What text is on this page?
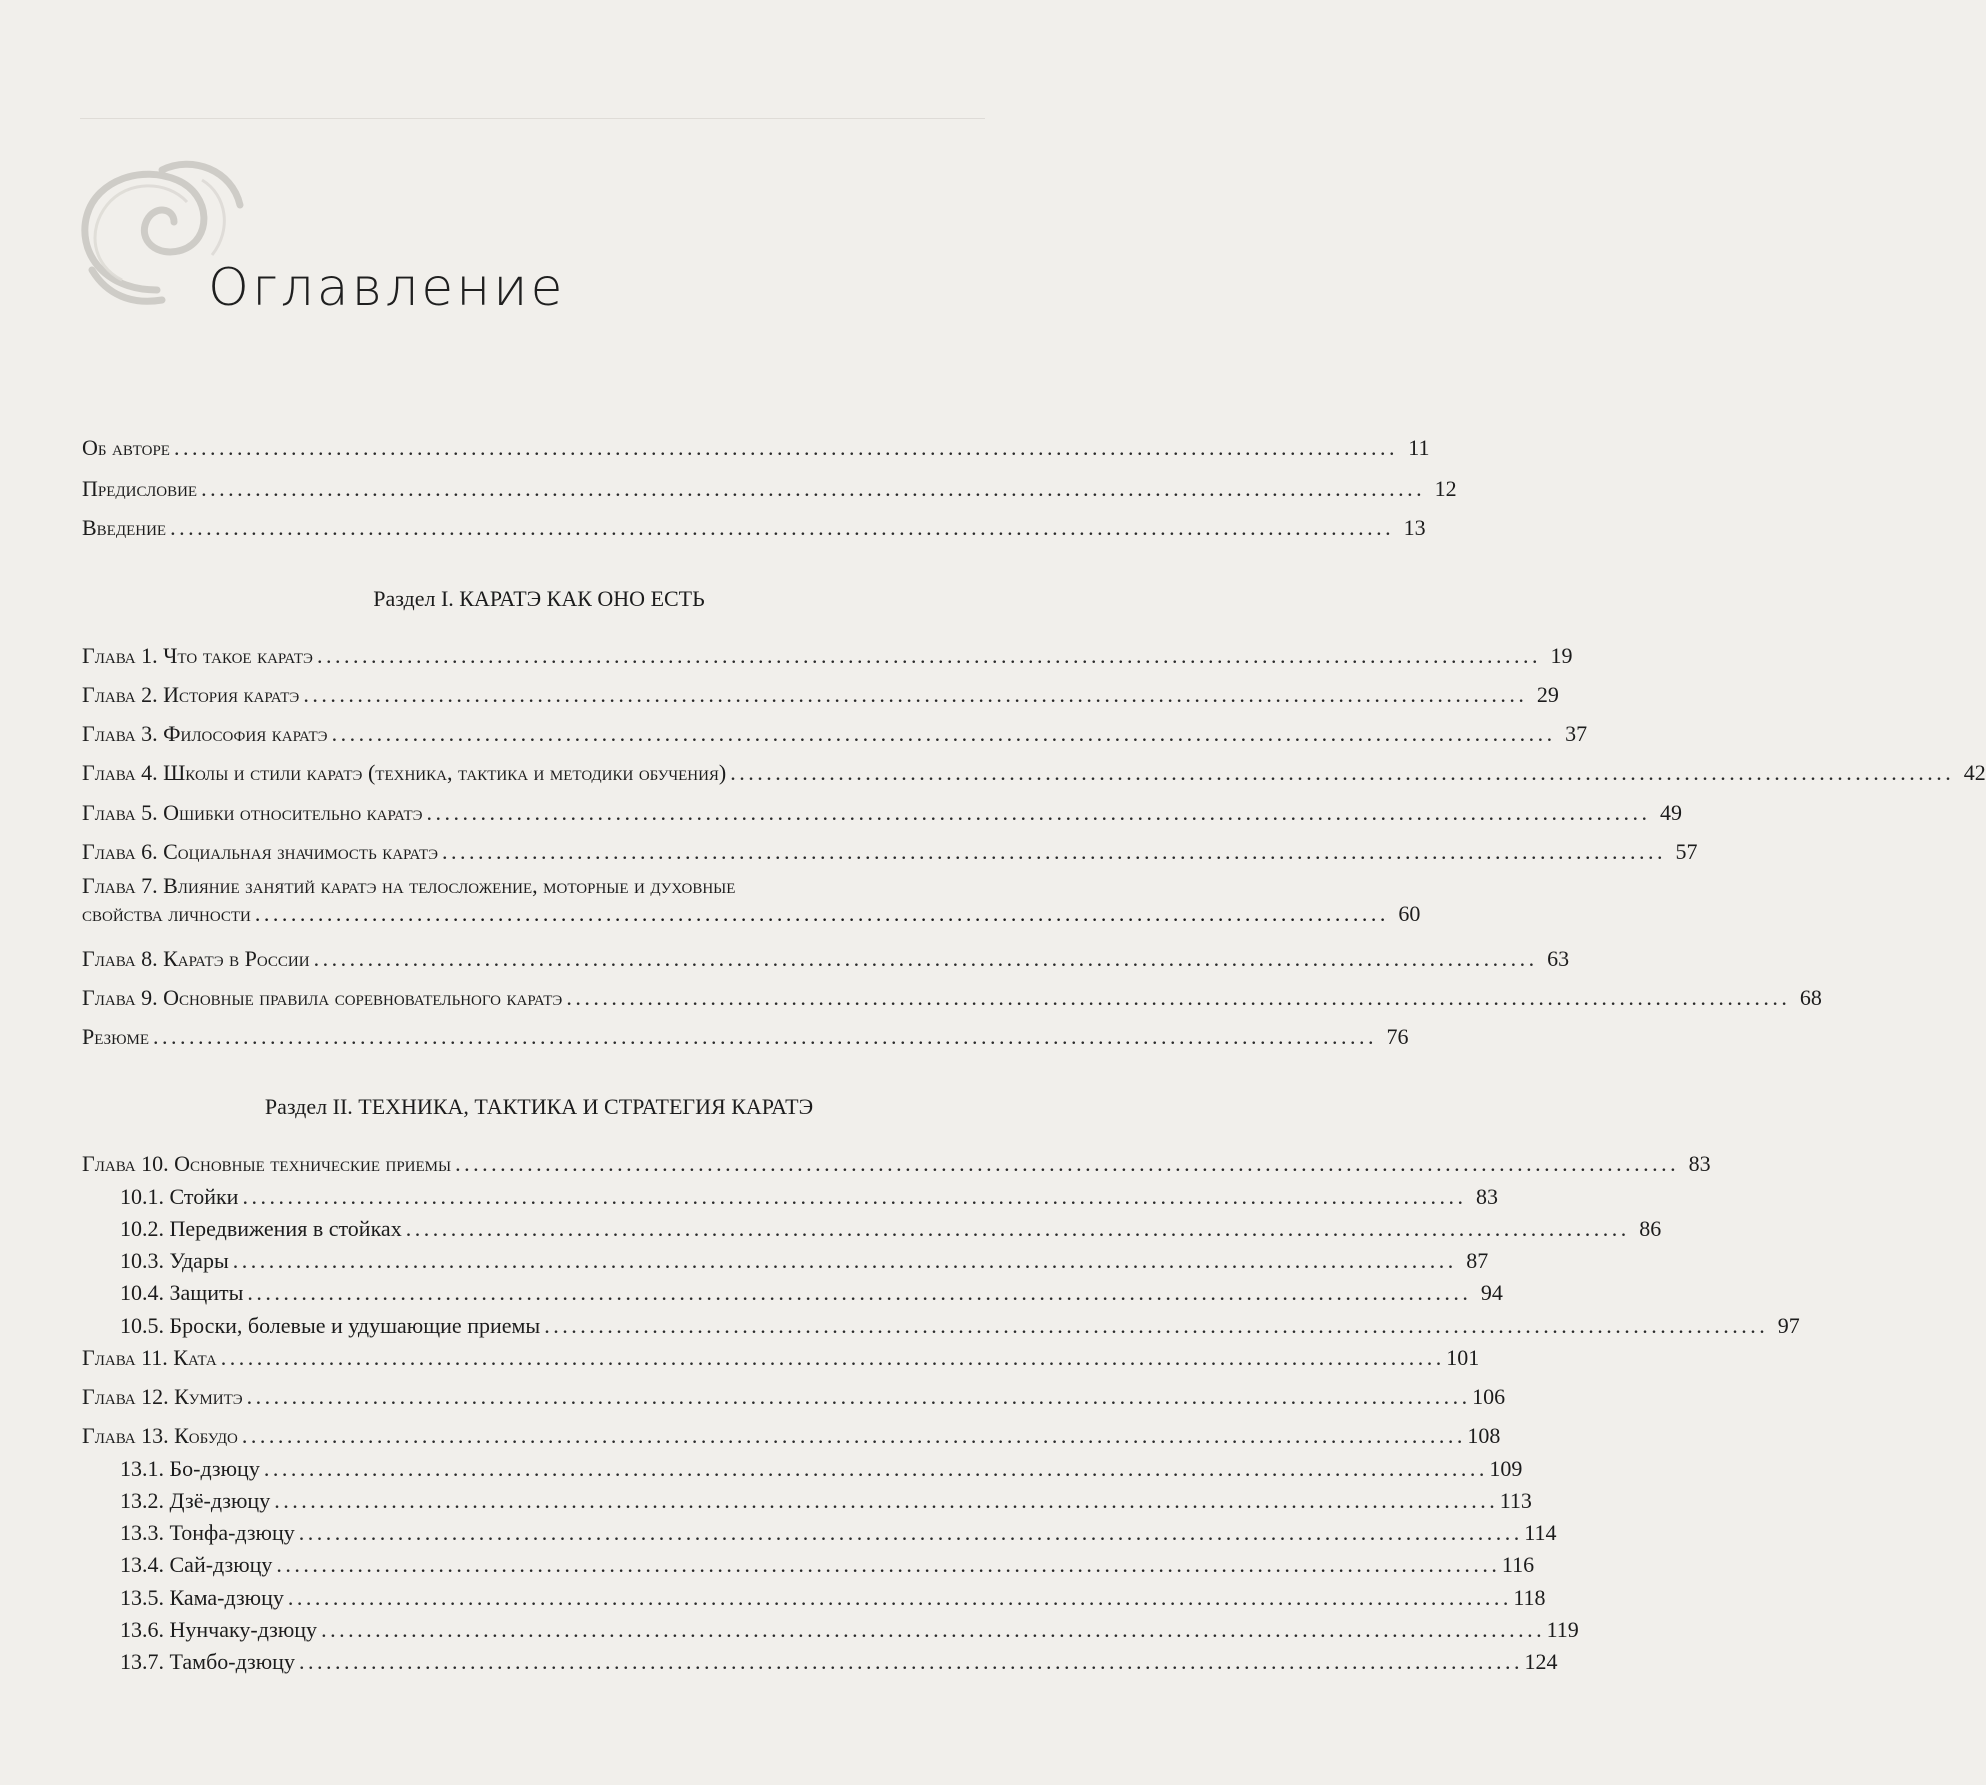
Оглавление
Об авторе . . .	11
Предисловие . . .	12
Введение . . .	13
Раздел I. КАРАТЭ КАК ОНО ЕСТЬ
Глава 1. Что такое каратэ . . .	19
Глава 2. История каратэ . . .	29
Глава 3. Философия каратэ . . .	37
Глава 4. Школы и стили каратэ (техника, тактика и методики обучения) . . .	42
Глава 5. Ошибки относительно каратэ . . .	49
Глава 6. Социальная значимость каратэ . . .	57
Глава 7. Влияние занятий каратэ на телосложение, моторные и духовные
свойства личности . . . . . . . . . . . . . . . . . . . . . . . . . . . . . . . . . . . . . . . . . . . . . . . . . . . . . . . . . . . . . . . . . . . . . . . . . . . . . . . . . . . . . . . . . . . . . . . . . . . . . . . . . . . . . . . . . . . . . . . . . . . . . . 60
Глава 8. Каратэ в России . . .	63
Глава 9. Основные правила соревновательного каратэ . . .	68
Резюме . . .	76
Раздел II. ТЕХНИКА, ТАКТИКА И СТРАТЕГИЯ КАРАТЭ
Глава 10. Основные технические приемы . . .	83
10.1. Стойки . . .	83
10.2. Передвижения в стойках . . .	86
10.3. Удары . . .	87
10.4. Защиты . . .	94
10.5. Броски, болевые и удушающие приемы . . .	97
Глава 11. Ката . . .	101
Глава 12. Кумитэ . . .	106
Глава 13. Кобудо . . .	108
13.1. Бо-дзюцу . . .	109
13.2. Дзё-дзюцу . . .	113
13.3. Тонфа-дзюцу . . .	114
13.4. Сай-дзюцу . . .	116
13.5. Кама-дзюцу . . .	118
13.6. Нунчаку-дзюцу . . .	119
13.7. Тамбо-дзюцу . . .	124
